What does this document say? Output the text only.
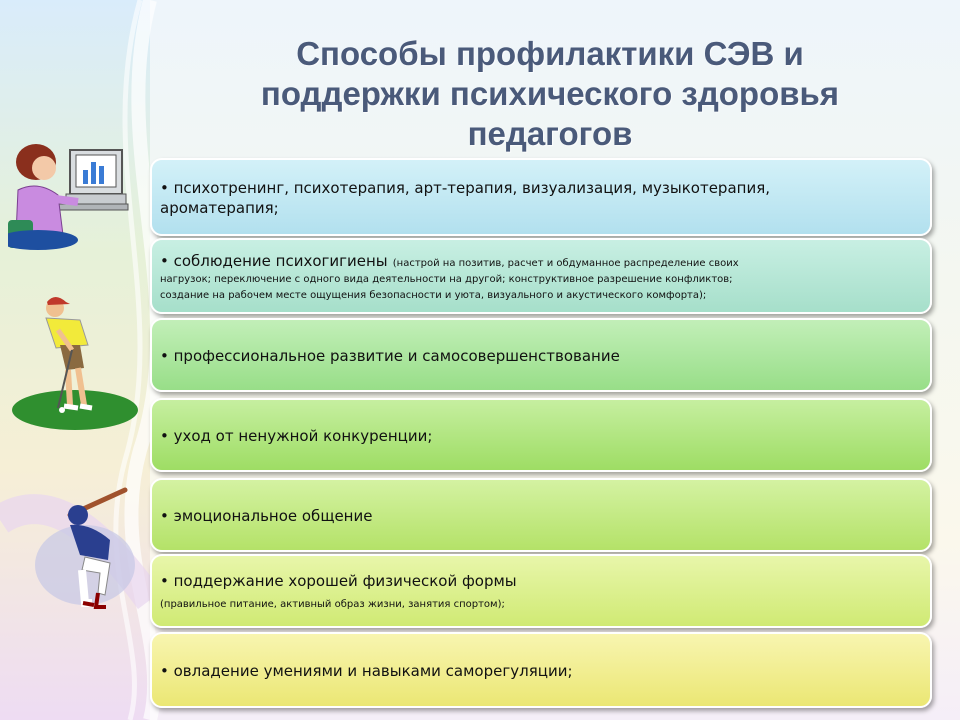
Способы профилактики СЭВ и
поддержки психического здоровья
педагогов
• психотренинг, психотерапия, арт-терапия, визуализация, музыкотерапия,
ароматерапия;
• соблюдение психогигиены (настрой на позитив, расчет и обдуманное распределение своих
нагрузок; переключение с одного вида деятельности на другой; конструктивное разрешение конфликтов;
создание на рабочем месте ощущения безопасности и уюта, визуального и акустического комфорта);
• профессиональное развитие и самосовершенствование
• уход от ненужной конкуренции;
• эмоциональное общение
• поддержание хорошей физической формы
(правильное питание, активный образ жизни, занятия спортом);
• овладение умениями и навыками саморегуляции;
